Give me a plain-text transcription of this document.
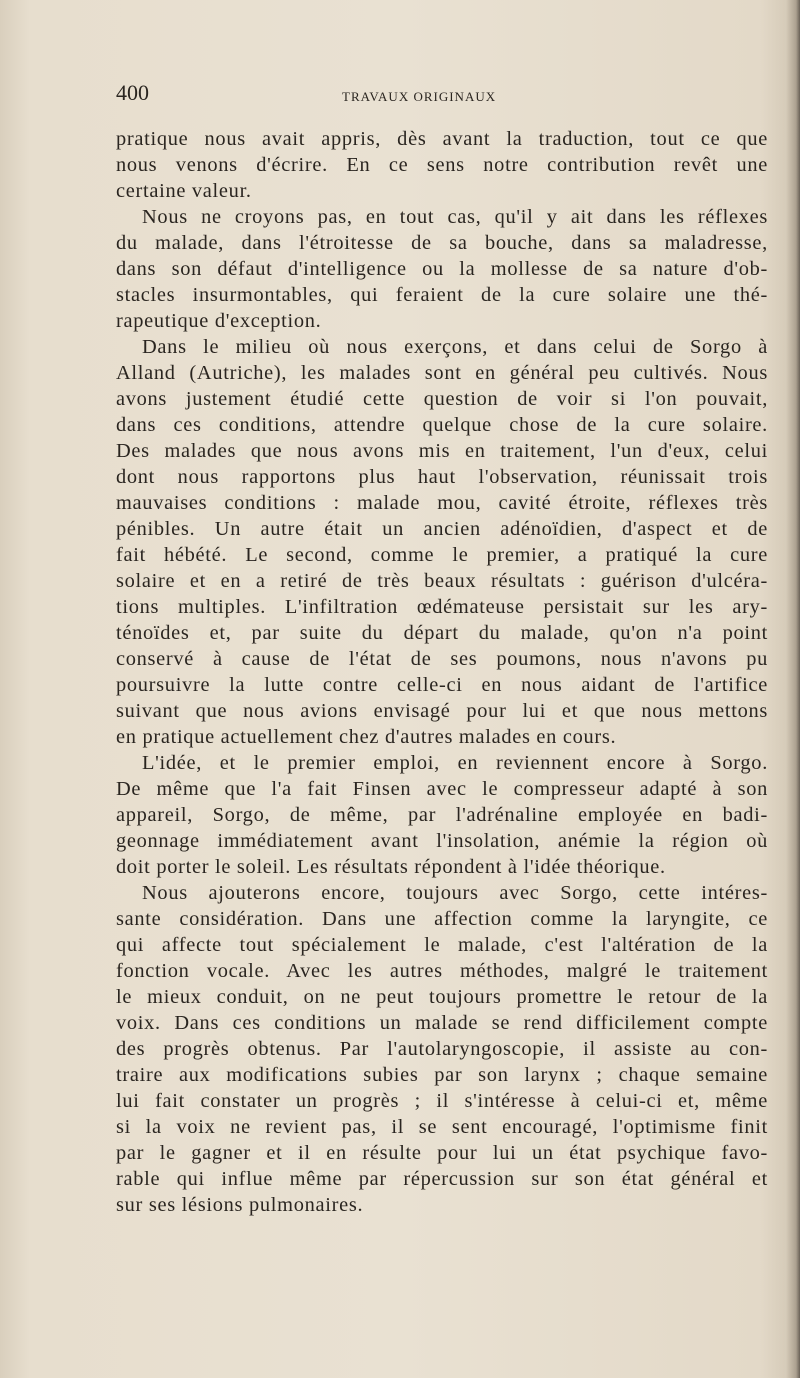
400	TRAVAUX ORIGINAUX
pratique nous avait appris, dès avant la traduction, tout ce que
nous venons d'écrire. En ce sens notre contribution revêt une
certaine valeur.
Nous ne croyons pas, en tout cas, qu'il y ait dans les réflexes
du malade, dans l'étroitesse de sa bouche, dans sa maladresse,
dans son défaut d'intelligence ou la mollesse de sa nature d'ob-
stacles insurmontables, qui feraient de la cure solaire une thé-
rapeutique d'exception.
Dans le milieu où nous exerçons, et dans celui de Sorgo à
Alland (Autriche), les malades sont en général peu cultivés. Nous
avons justement étudié cette question de voir si l'on pouvait,
dans ces conditions, attendre quelque chose de la cure solaire.
Des malades que nous avons mis en traitement, l'un d'eux, celui
dont nous rapportons plus haut l'observation, réunissait trois
mauvaises conditions : malade mou, cavité étroite, réflexes très
pénibles. Un autre était un ancien adénoïdien, d'aspect et de
fait hébété. Le second, comme le premier, a pratiqué la cure
solaire et en a retiré de très beaux résultats : guérison d'ulcéra-
tions multiples. L'infiltration œdémateuse persistait sur les ary-
ténoïdes et, par suite du départ du malade, qu'on n'a point
conservé à cause de l'état de ses poumons, nous n'avons pu
poursuivre la lutte contre celle-ci en nous aidant de l'artifice
suivant que nous avions envisagé pour lui et que nous mettons
en pratique actuellement chez d'autres malades en cours.
L'idée, et le premier emploi, en reviennent encore à Sorgo.
De même que l'a fait Finsen avec le compresseur adapté à son
appareil, Sorgo, de même, par l'adrénaline employée en badi-
geonnage immédiatement avant l'insolation, anémie la région où
doit porter le soleil. Les résultats répondent à l'idée théorique.
Nous ajouterons encore, toujours avec Sorgo, cette intéres-
sante considération. Dans une affection comme la laryngite, ce
qui affecte tout spécialement le malade, c'est l'altération de la
fonction vocale. Avec les autres méthodes, malgré le traitement
le mieux conduit, on ne peut toujours promettre le retour de la
voix. Dans ces conditions un malade se rend difficilement compte
des progrès obtenus. Par l'autolaryngoscopie, il assiste au con-
traire aux modifications subies par son larynx ; chaque semaine
lui fait constater un progrès ; il s'intéresse à celui-ci et, même
si la voix ne revient pas, il se sent encouragé, l'optimisme finit
par le gagner et il en résulte pour lui un état psychique favo-
rable qui influe même par répercussion sur son état général et
sur ses lésions pulmonaires.
